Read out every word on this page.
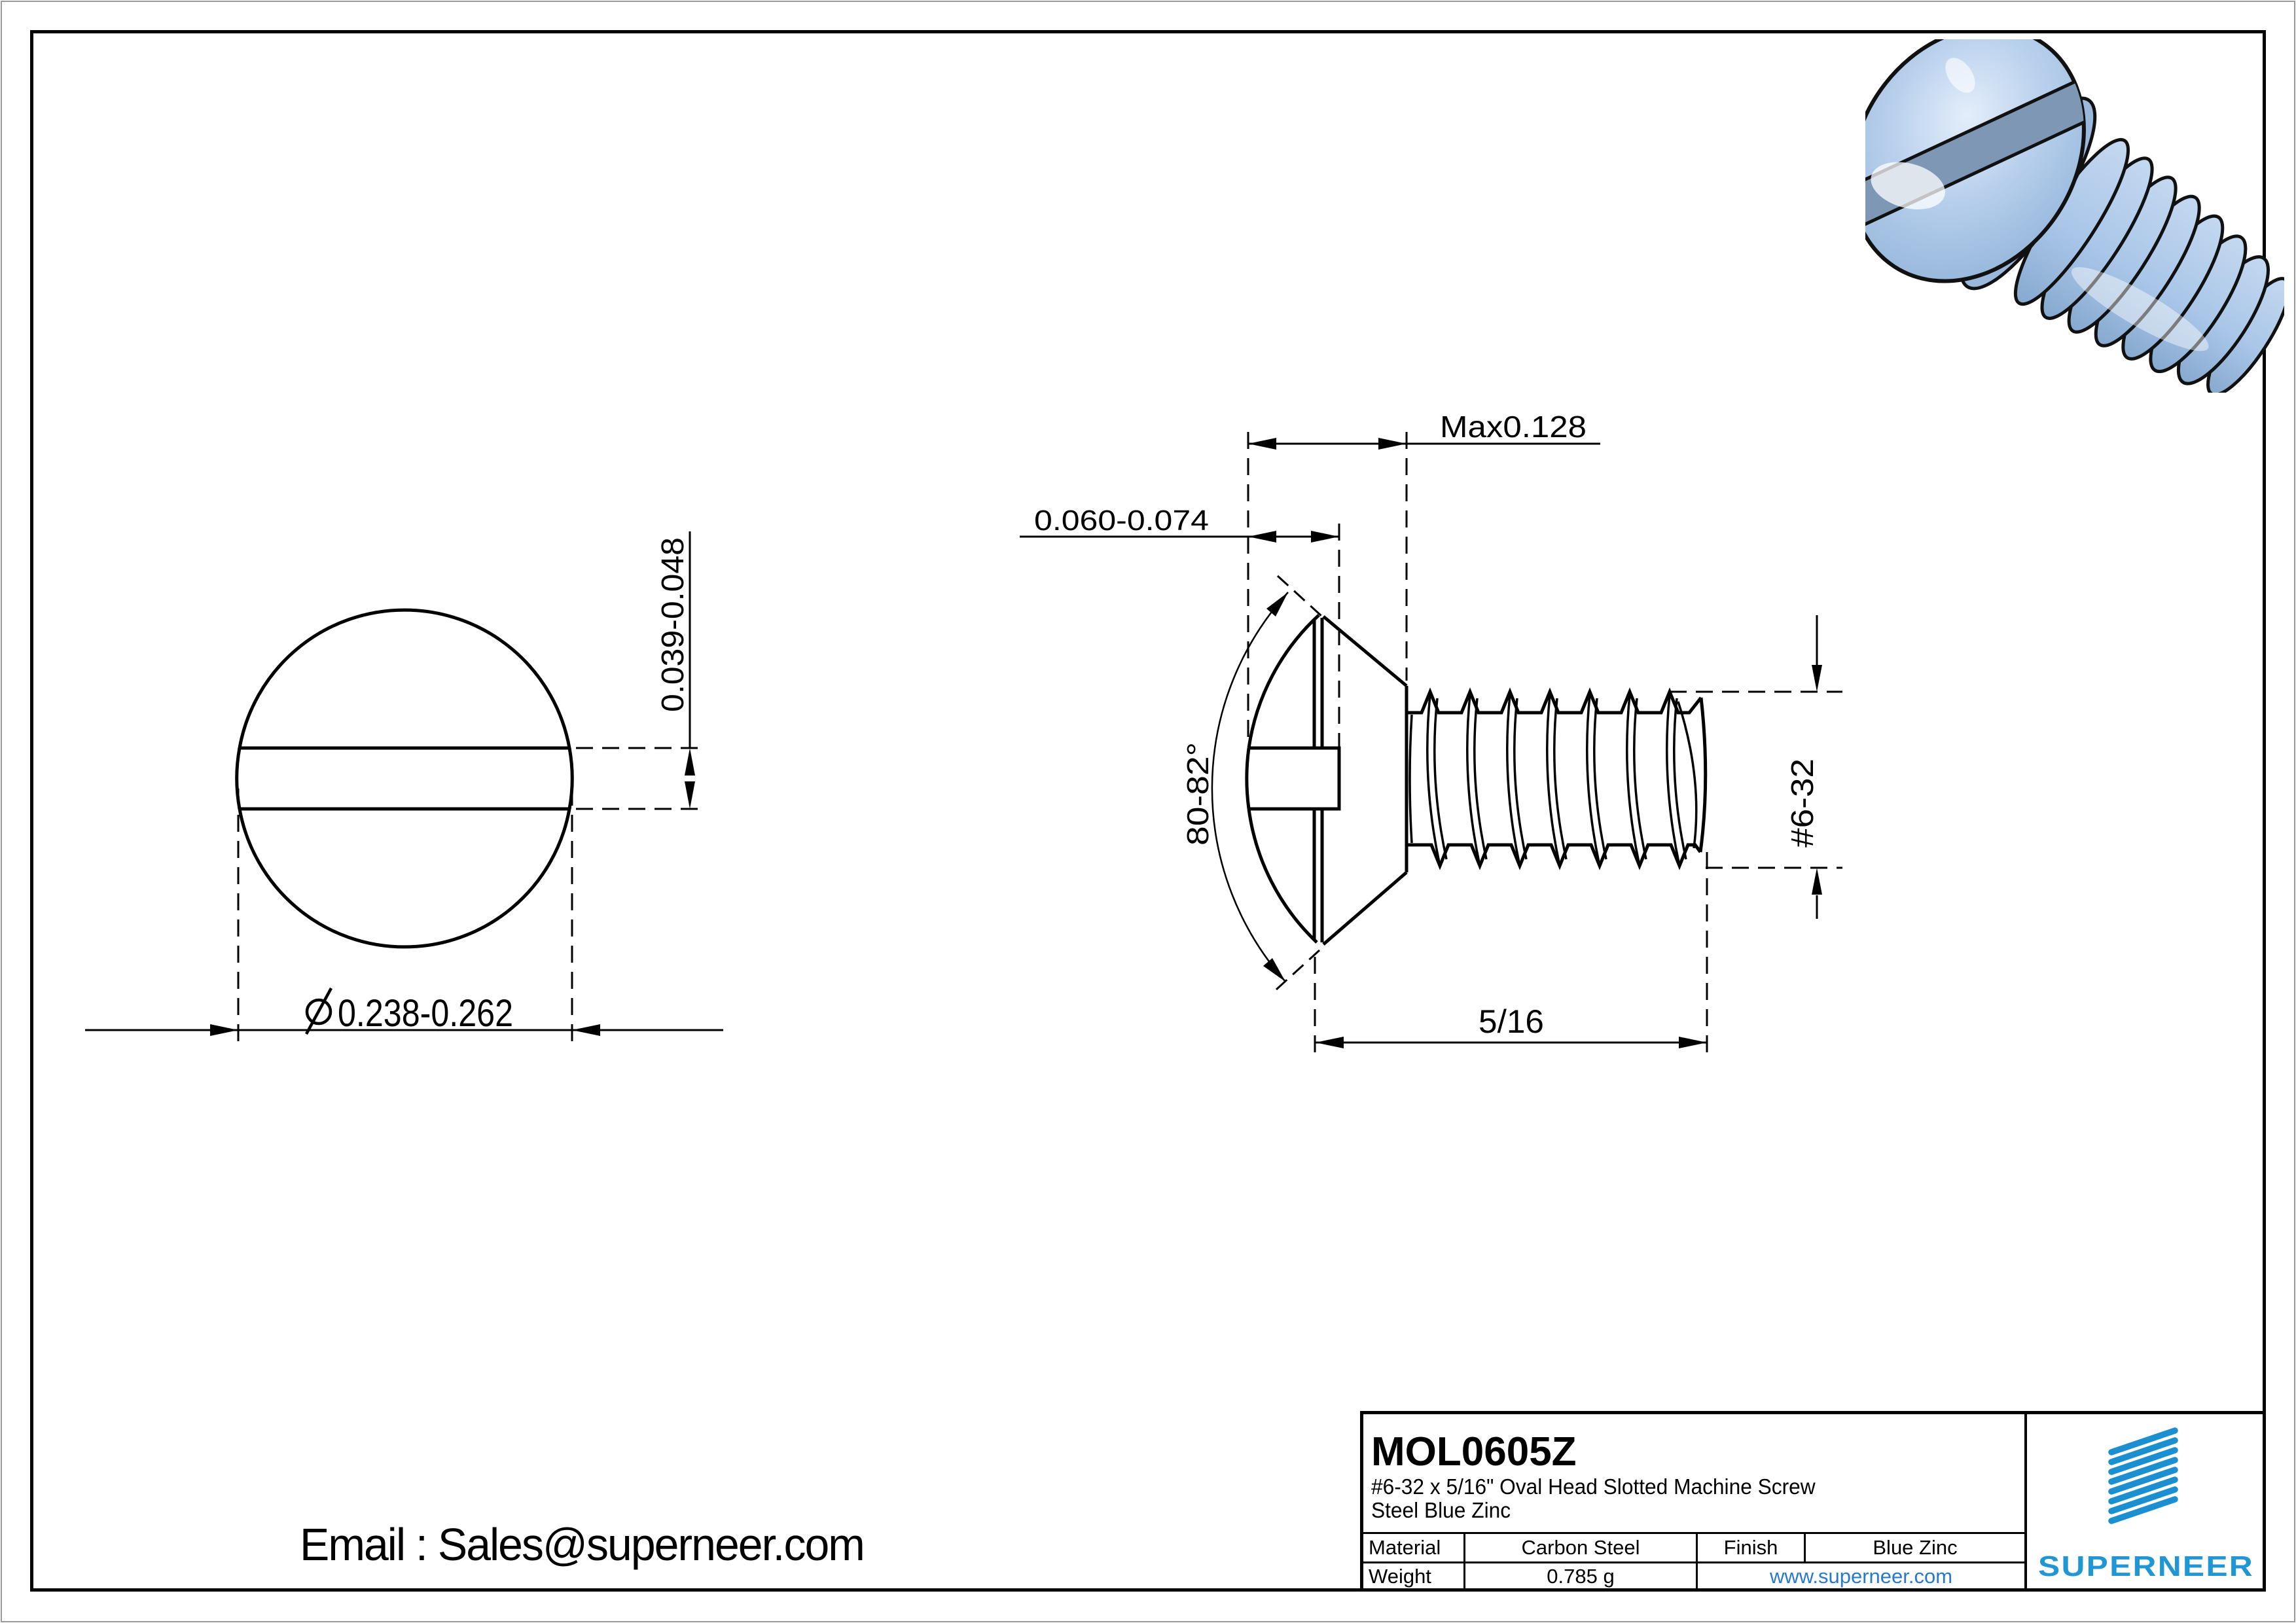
0.039-0.048
0.238-0.262
Max0.128
0.060-0.074
80-82°	#6-32
5/16
Email : Sales@superneer.com
MOL0605Z
#6-32 x 5/16" Oval Head Slotted Machine Screw
Steel Blue Zinc
Material	Carbon Steel	Finish	Blue Zinc
Weight	0.785 g	www.superneer.com	SUPERNEER
